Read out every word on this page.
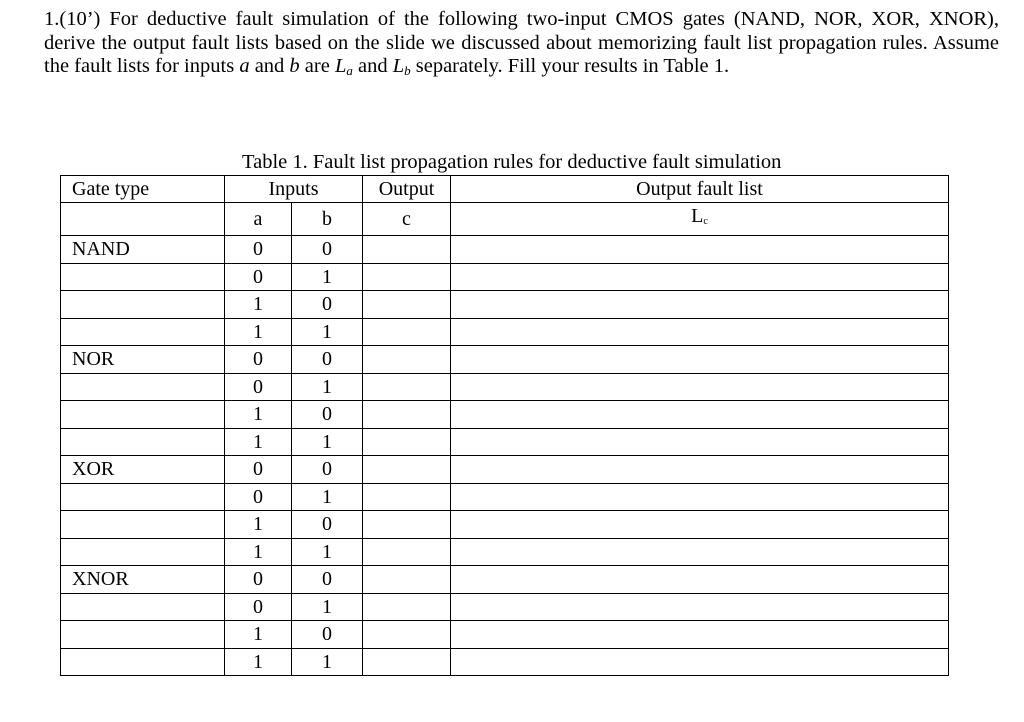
1.(10’) For deductive fault simulation of the following two-input CMOS gates (NAND, NOR, XOR, XNOR), derive the output fault lists based on the slide we discussed about memorizing fault list propagation rules. Assume the fault lists for inputs a and b are $L_a$ and $L_b$ separately. Fill your results in Table 1.

Table 1. Fault list propagation rules for deductive fault simulation
Gate type	Inputs		Output	Output fault list
	a	b	c	Lc
NAND	0	0		
	0	1		
	1	0		
	1	1		
NOR	0	0		
	0	1		
	1	0		
	1	1		
XOR	0	0		
	0	1		
	1	0		
	1	1		
XNOR	0	0		
	0	1		
	1	0		
	1	1		
